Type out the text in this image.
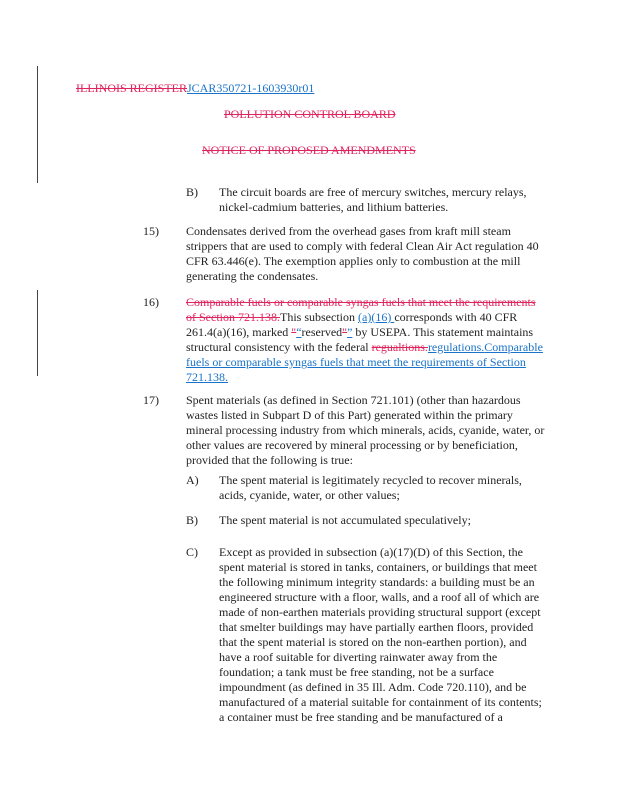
ILLINOIS REGISTERJCAR350721-1603930r01
POLLUTION CONTROL BOARD
NOTICE OF PROPOSED AMENDMENTS
B) The circuit boards are free of mercury switches, mercury relays,
nickel-cadmium batteries, and lithium batteries.
15) Condensates derived from the overhead gases from kraft mill steam
strippers that are used to comply with federal Clean Air Act regulation 40
CFR 63.446(e). The exemption applies only to combustion at the mill
generating the condensates.
16) Comparable fuels or comparable syngas fuels that meet the requirements
of Section 721.138.This subsection (a)(16) corresponds with 40 CFR
261.4(a)(16), marked "“reserved"” by USEPA. This statement maintains
structural consistency with the federal regualtions.regulations.Comparable
fuels or comparable syngas fuels that meet the requirements of Section
721.138.
17) Spent materials (as defined in Section 721.101) (other than hazardous
wastes listed in Subpart D of this Part) generated within the primary
mineral processing industry from which minerals, acids, cyanide, water, or
other values are recovered by mineral processing or by beneficiation,
provided that the following is true:
A) The spent material is legitimately recycled to recover minerals,
acids, cyanide, water, or other values;
B) The spent material is not accumulated speculatively;
C) Except as provided in subsection (a)(17)(D) of this Section, the
spent material is stored in tanks, containers, or buildings that meet
the following minimum integrity standards: a building must be an
engineered structure with a floor, walls, and a roof all of which are
made of non-earthen materials providing structural support (except
that smelter buildings may have partially earthen floors, provided
that the spent material is stored on the non-earthen portion), and
have a roof suitable for diverting rainwater away from the
foundation; a tank must be free standing, not be a surface
impoundment (as defined in 35 Ill. Adm. Code 720.110), and be
manufactured of a material suitable for containment of its contents;
a container must be free standing and be manufactured of a
